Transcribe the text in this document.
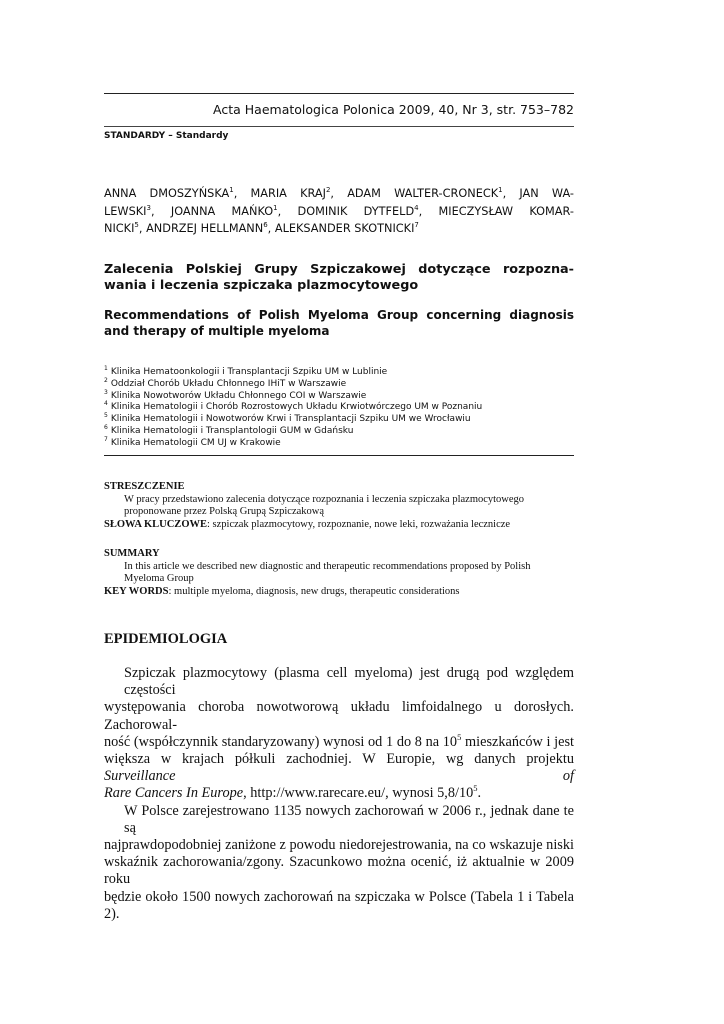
Acta Haematologica Polonica 2009, 40, Nr 3, str. 753–782
STANDARDY – Standardy
ANNA DMOSZYŃSKA$^1$, MARIA KRAJ$^2$, ADAM WALTER-CRONECK$^1$, JAN WA-
LEWSKI$^3$, JOANNA MAŃKO$^1$, DOMINIK DYTFELD$^4$, MIECZYSŁAW KOMAR-
NICKI$^5$, ANDRZEJ HELLMANN$^6$, ALEKSANDER SKOTNICKI$^7$
Zalecenia Polskiej Grupy Szpiczakowej dotyczące rozpozna-
wania i leczenia szpiczaka plazmocytowego
Recommendations of Polish Myeloma Group concerning diagnosis
and therapy of multiple myeloma
$^1$ Klinika Hematoonkologii i Transplantacji Szpiku UM w Lublinie
$^2$ Oddział Chorób Układu Chłonnego IHiT w Warszawie
$^3$ Klinika Nowotworów Układu Chłonnego COI w Warszawie
$^4$ Klinika Hematologii i Chorób Rozrostowych Układu Krwiotwórczego UM w Poznaniu
$^5$ Klinika Hematologii i Nowotworów Krwi i Transplantacji Szpiku UM we Wrocławiu
$^6$ Klinika Hematologii i Transplantologii GUM w Gdańsku
$^7$ Klinika Hematologii CM UJ w Krakowie
STRESZCZENIE
W pracy przedstawiono zalecenia dotyczące rozpoznania i leczenia szpiczaka plazmocytowego
proponowane przez Polską Grupą Szpiczakową
SŁOWA KLUCZOWE: szpiczak plazmocytowy, rozpoznanie, nowe leki, rozważania lecznicze
SUMMARY
In this article we described new diagnostic and therapeutic recommendations proposed by Polish
Myeloma Group
KEY WORDS: multiple myeloma, diagnosis, new drugs, therapeutic considerations
EPIDEMIOLOGIA
Szpiczak plazmocytowy (plasma cell myeloma) jest drugą pod względem częstości
występowania choroba nowotworową układu limfoidalnego u dorosłych. Zachorowal-
ność (współczynnik standaryzowany) wynosi od 1 do 8 na $10^5$ mieszkańców i jest
większa w krajach półkuli zachodniej. W Europie, wg danych projektu Surveillance of
Rare Cancers In Europe, http://www.rarecare.eu/, wynosi $5,8/10^5$.
W Polsce zarejestrowano 1135 nowych zachorowań w 2006 r., jednak dane te są
najprawdopodobniej zaniżone z powodu niedorejestrowania, na co wskazuje niski
wskaźnik zachorowania/zgony. Szacunkowo można ocenić, iż aktualnie w 2009 roku
będzie około 1500 nowych zachorowań na szpiczaka w Polsce (Tabela 1 i Tabela 2).
